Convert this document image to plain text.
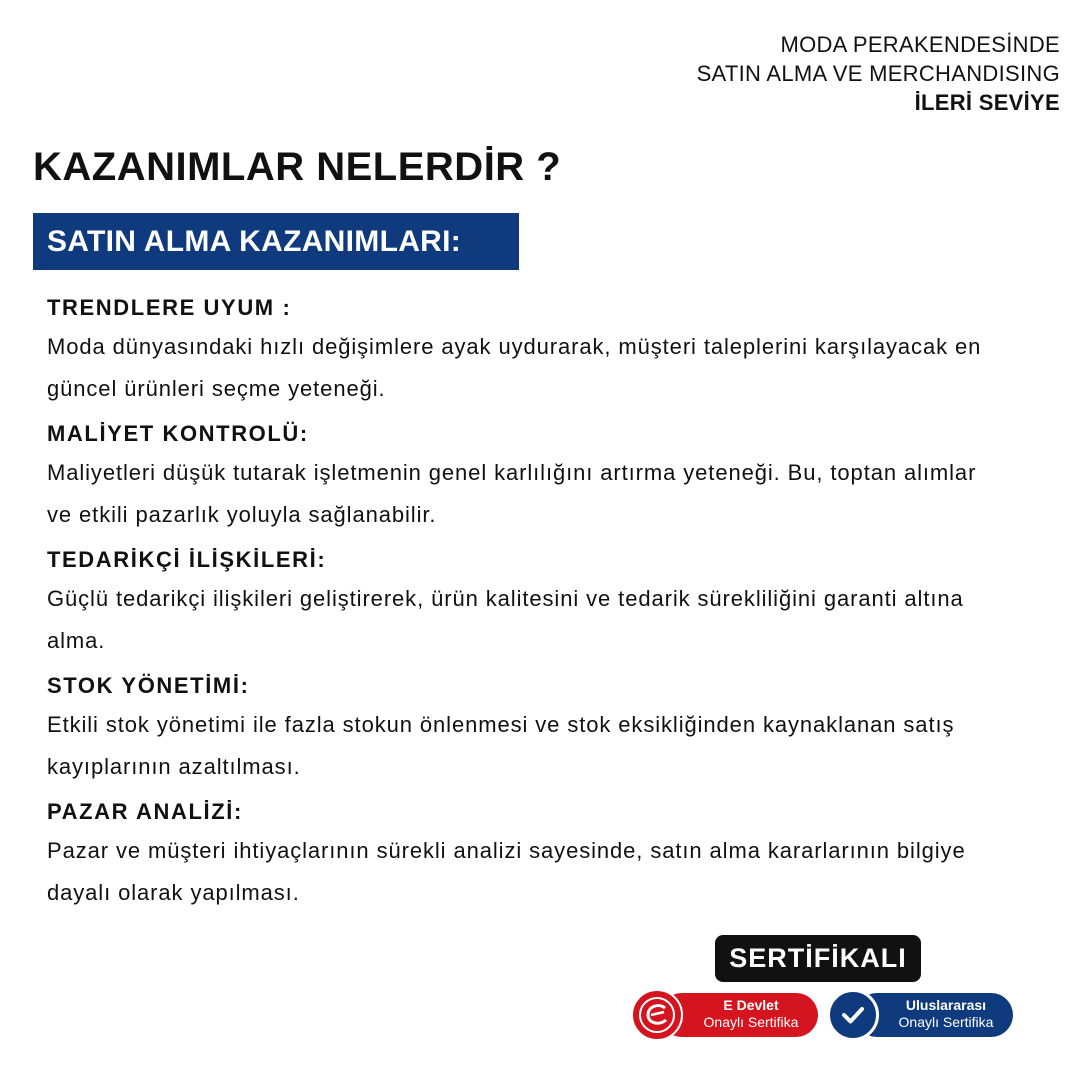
MODA PERAKENDESİNDE
SATIN ALMA VE MERCHANDISING
İLERİ SEVİYE
KAZANIMLAR NELERDİR ?
SATIN ALMA KAZANIMLARI:

TRENDLERE UYUM :

Moda dünyasındaki hızlı değişimlere ayak uydurarak, müşteri taleplerini karşılayacak en güncel ürünleri seçme yeteneği.

MALİYET KONTROLÜ:

Maliyetleri düşük tutarak işletmenin genel karlılığını artırma yeteneği. Bu, toptan alımlar ve etkili pazarlık yoluyla sağlanabilir.

TEDARİKÇİ İLİŞKİLERİ:

Güçlü tedarikçi ilişkileri geliştirerek, ürün kalitesini ve tedarik sürekliliğini garanti altına alma.

STOK YÖNETİMİ:

Etkili stok yönetimi ile fazla stokun önlenmesi ve stok eksikliğinden kaynaklanan satış kayıplarının azaltılması.

PAZAR ANALİZİ:

Pazar ve müşteri ihtiyaçlarının sürekli analizi sayesinde, satın alma kararlarının bilgiye dayalı olarak yapılması.

SERTİFİKALI
E Devlet
Onaylı Sertifika
Uluslararası
Onaylı Sertifika
